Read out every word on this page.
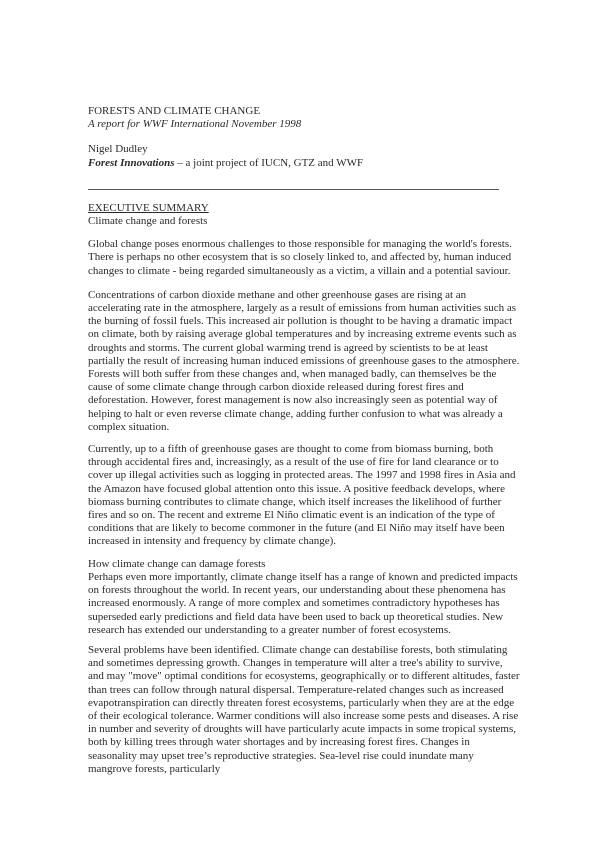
FORESTS AND CLIMATE CHANGE

A report for WWF International November 1998

Nigel Dudley

Forest Innovations – a joint project of IUCN, GTZ and WWF

EXECUTIVE SUMMARY
Climate change and forests

Global change poses enormous challenges to those responsible for managing the world's forests. There is perhaps no other ecosystem that is so closely linked to, and affected by, human induced changes to climate - being regarded simultaneously as a victim, a villain and a potential saviour.

Concentrations of carbon dioxide methane and other greenhouse gases are rising at an accelerating rate in the atmosphere, largely as a result of emissions from human activities such as the burning of fossil fuels. This increased air pollution is thought to be having a dramatic impact on climate, both by raising average global temperatures and by increasing extreme events such as droughts and storms. The current global warming trend is agreed by scientists to be at least partially the result of increasing human induced emissions of greenhouse gases to the atmosphere. Forests will both suffer from these changes and, when managed badly, can themselves be the cause of some climate change through carbon dioxide released during forest fires and deforestation. However, forest management is now also increasingly seen as potential way of helping to halt or even reverse climate change, adding further confusion to what was already a complex situation.

Currently, up to a fifth of greenhouse gases are thought to come from biomass burning, both through accidental fires and, increasingly, as a result of the use of fire for land clearance or to cover up illegal activities such as logging in protected areas. The 1997 and 1998 fires in Asia and the Amazon have focused global attention onto this issue. A positive feedback develops, where biomass burning contributes to climate change, which itself increases the likelihood of further fires and so on. The recent and extreme El Niño climatic event is an indication of the type of conditions that are likely to become commoner in the future (and El Niño may itself have been increased in intensity and frequency by climate change).

How climate change can damage forests

Perhaps even more importantly, climate change itself has a range of known and predicted impacts on forests throughout the world. In recent years, our understanding about these phenomena has increased enormously. A range of more complex and sometimes contradictory hypotheses has superseded early predictions and field data have been used to back up theoretical studies. New research has extended our understanding to a greater number of forest ecosystems.

Several problems have been identified. Climate change can destabilise forests, both stimulating and sometimes depressing growth. Changes in temperature will alter a tree's ability to survive, and may "move" optimal conditions for ecosystems, geographically or to different altitudes, faster than trees can follow through natural dispersal. Temperature-related changes such as increased evapotranspiration can directly threaten forest ecosystems, particularly when they are at the edge of their ecological tolerance. Warmer conditions will also increase some pests and diseases. A rise in number and severity of droughts will have particularly acute impacts in some tropical systems, both by killing trees through water shortages and by increasing forest fires. Changes in seasonality may upset tree’s reproductive strategies. Sea-level rise could inundate many mangrove forests, particularly
